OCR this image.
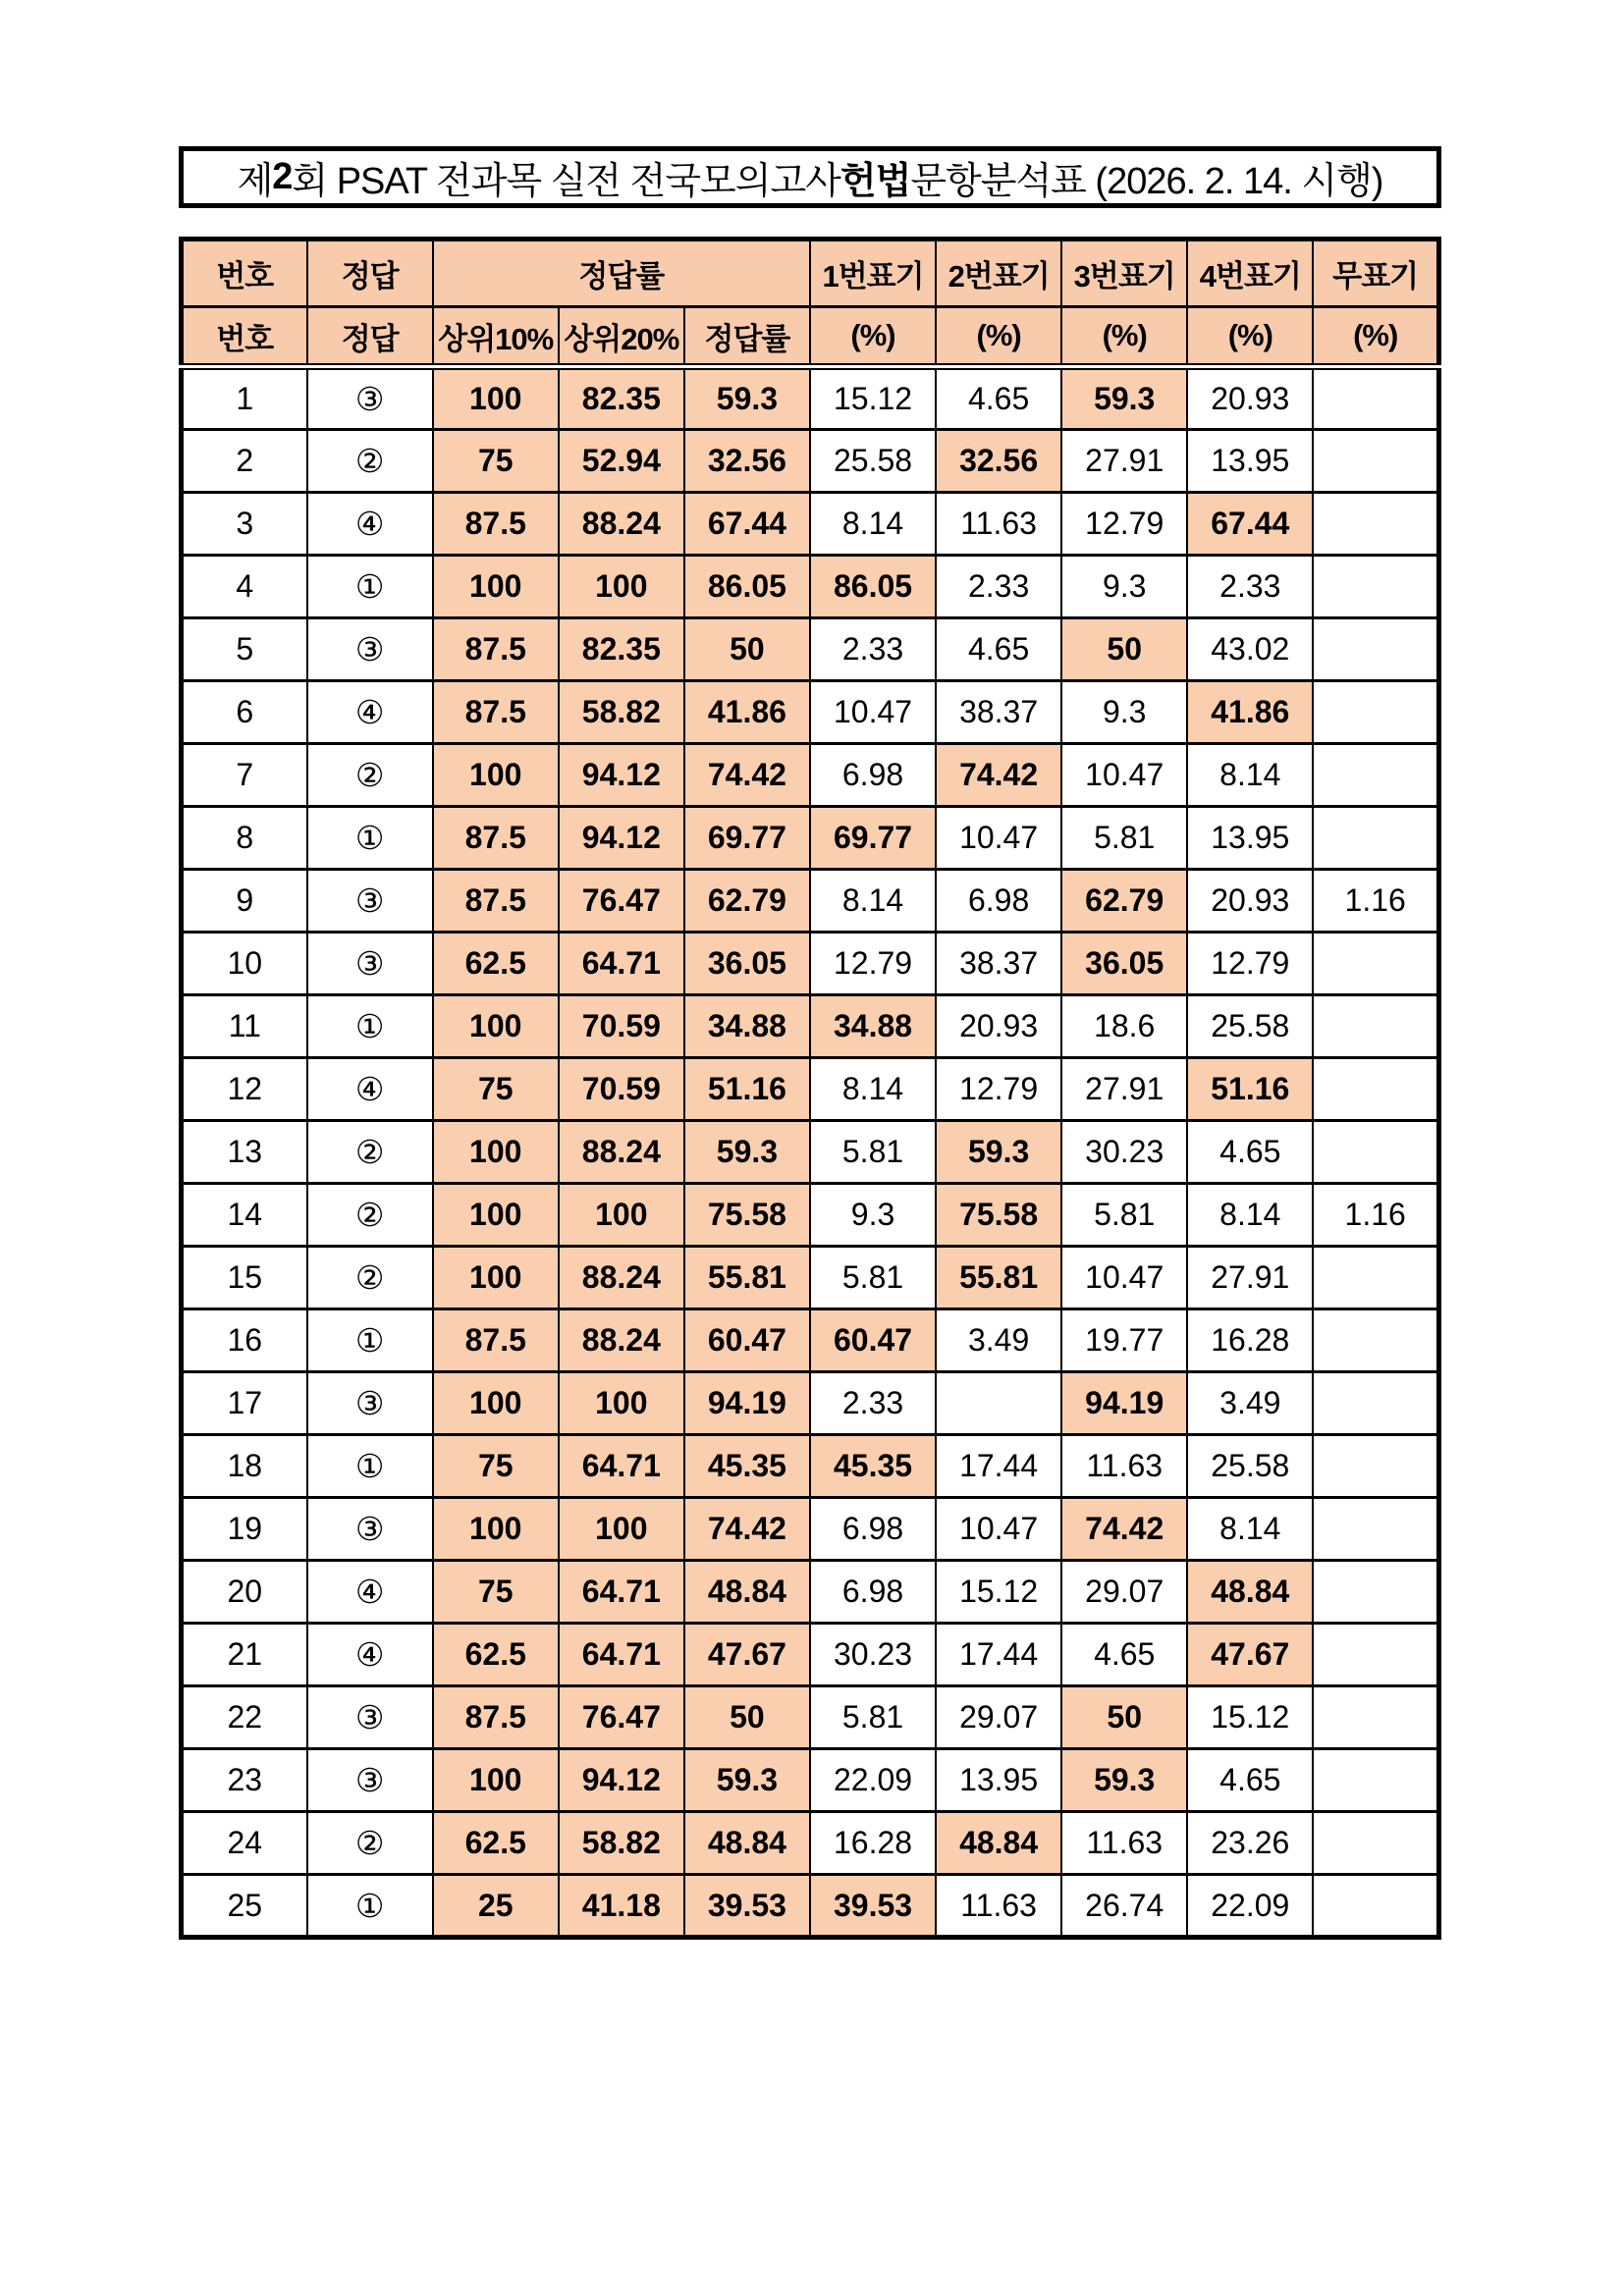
제 2 회 PSAT 전과목 실전 전국모의고사 헌법 문항분석표 (2026. 2. 14. 시행)
번호	정답	정답률			1번표기	2번표기	3번표기	4번표기	무표기
번호	정답	상위10%	상위20%	정답률	(%)	(%)	(%)	(%)	(%)
1	③	100	82.35	59.3	15.12	4.65	59.3	20.93	
2	②	75	52.94	32.56	25.58	32.56	27.91	13.95	
3	④	87.5	88.24	67.44	8.14	11.63	12.79	67.44	
4	①	100	100	86.05	86.05	2.33	9.3	2.33	
5	③	87.5	82.35	50	2.33	4.65	50	43.02	
6	④	87.5	58.82	41.86	10.47	38.37	9.3	41.86	
7	②	100	94.12	74.42	6.98	74.42	10.47	8.14	
8	①	87.5	94.12	69.77	69.77	10.47	5.81	13.95	
9	③	87.5	76.47	62.79	8.14	6.98	62.79	20.93	1.16
10	③	62.5	64.71	36.05	12.79	38.37	36.05	12.79	
11	①	100	70.59	34.88	34.88	20.93	18.6	25.58	
12	④	75	70.59	51.16	8.14	12.79	27.91	51.16	
13	②	100	88.24	59.3	5.81	59.3	30.23	4.65	
14	②	100	100	75.58	9.3	75.58	5.81	8.14	1.16
15	②	100	88.24	55.81	5.81	55.81	10.47	27.91	
16	①	87.5	88.24	60.47	60.47	3.49	19.77	16.28	
17	③	100	100	94.19	2.33		94.19	3.49	
18	①	75	64.71	45.35	45.35	17.44	11.63	25.58	
19	③	100	100	74.42	6.98	10.47	74.42	8.14	
20	④	75	64.71	48.84	6.98	15.12	29.07	48.84	
21	④	62.5	64.71	47.67	30.23	17.44	4.65	47.67	
22	③	87.5	76.47	50	5.81	29.07	50	15.12	
23	③	100	94.12	59.3	22.09	13.95	59.3	4.65	
24	②	62.5	58.82	48.84	16.28	48.84	11.63	23.26	
25	①	25	41.18	39.53	39.53	11.63	26.74	22.09	
